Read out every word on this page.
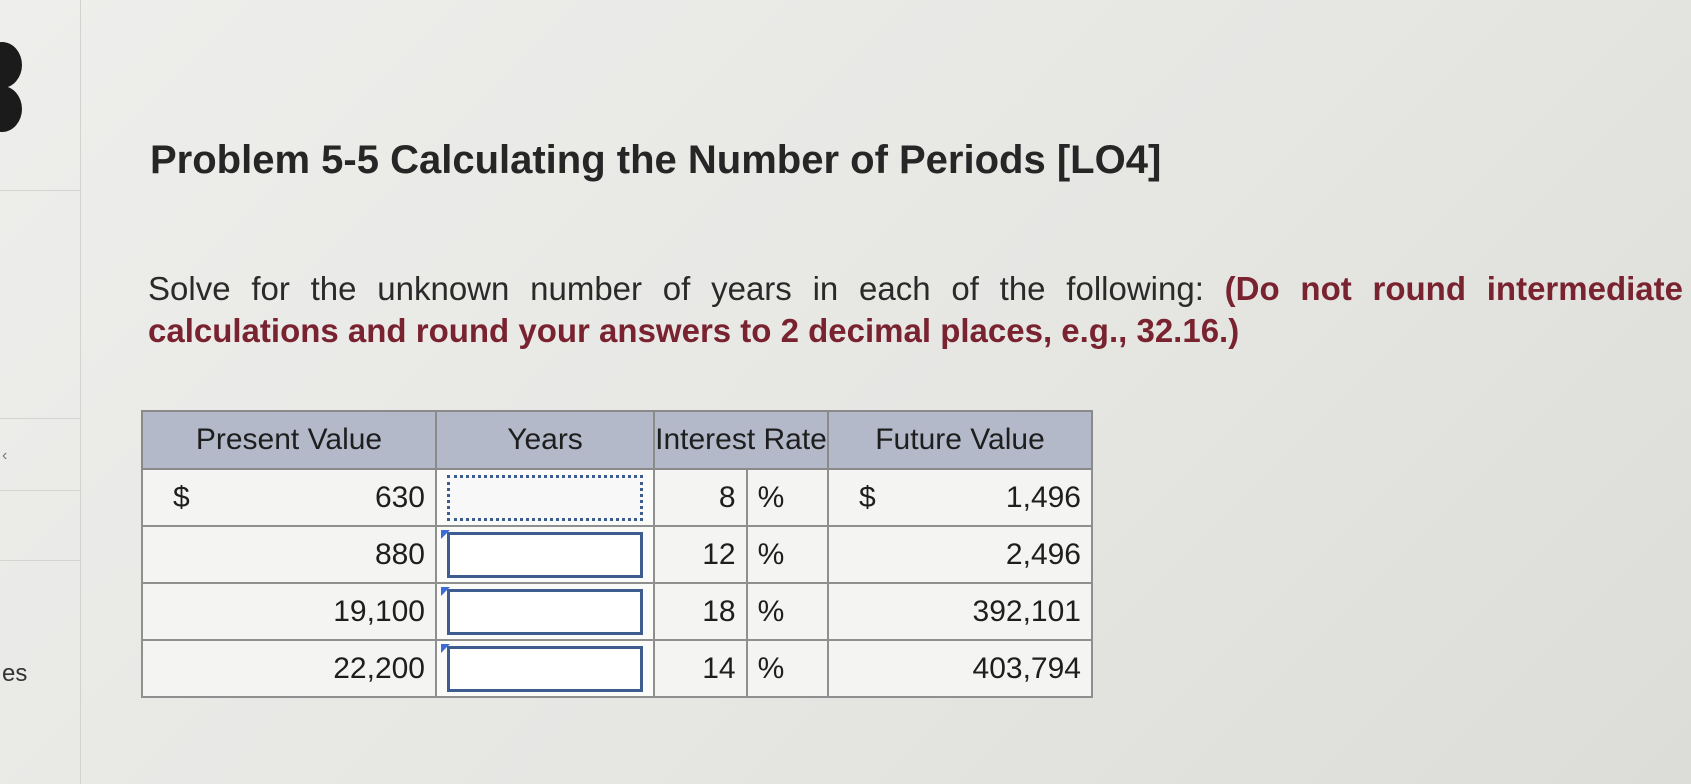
‹
es
Problem 5-5 Calculating the Number of Periods [LO4]

Solve for the unknown number of years in each of the following: (Do not round intermediate calculations and round your answers to 2 decimal places, e.g., 32.16.)

Present Value	Years	Interest Rate		Future Value

$ 630		8	%	$ 1,496
880		12	%	2,496
19,100		18	%	392,101
22,200		14	%	403,794
